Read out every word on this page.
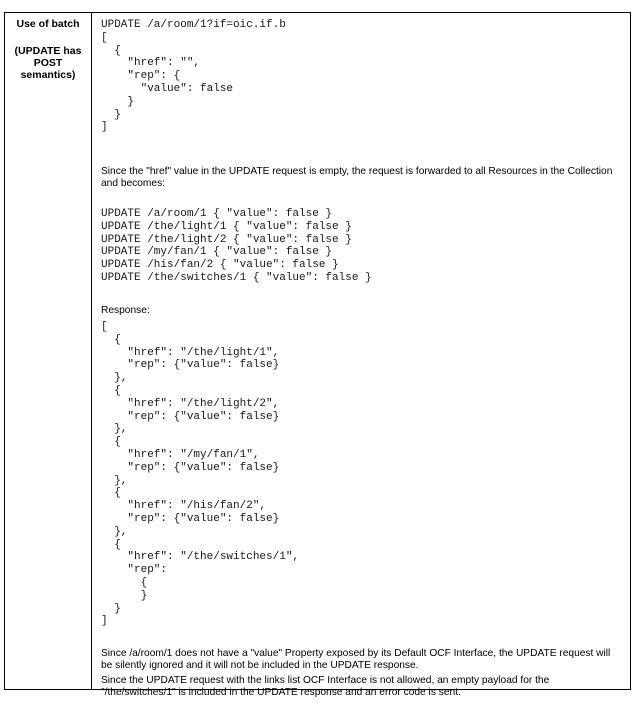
Use of batch
(UPDATE has
POST
semantics)
UPDATE /a/room/1?if=oic.if.b
[
{
"href": "",
"rep": {
"value": false
}
}
]

Since the "href" value in the UPDATE request is empty, the request is forwarded to all Resources in the Collection and becomes:

UPDATE /a/room/1 { "value": false }
UPDATE /the/light/1 { "value": false }
UPDATE /the/light/2 { "value": false }
UPDATE /my/fan/1 { "value": false }
UPDATE /his/fan/2 { "value": false }
UPDATE /the/switches/1 { "value": false }

Response:

[
{
"href": "/the/light/1",
"rep": {"value": false}
},
{
"href": "/the/light/2",
"rep": {"value": false}
},
{
"href": "/my/fan/1",
"rep": {"value": false}
},
{
"href": "/his/fan/2",
"rep": {"value": false}
},
{
"href": "/the/switches/1",
"rep":
{
}
}
]

Since /a/room/1 does not have a "value" Property exposed by its Default OCF Interface, the UPDATE request will be silently ignored and it will not be included in the UPDATE response.

Since the UPDATE request with the links list OCF Interface is not allowed, an empty payload for the "/the/switches/1" is included in the UPDATE response and an error code is sent.
